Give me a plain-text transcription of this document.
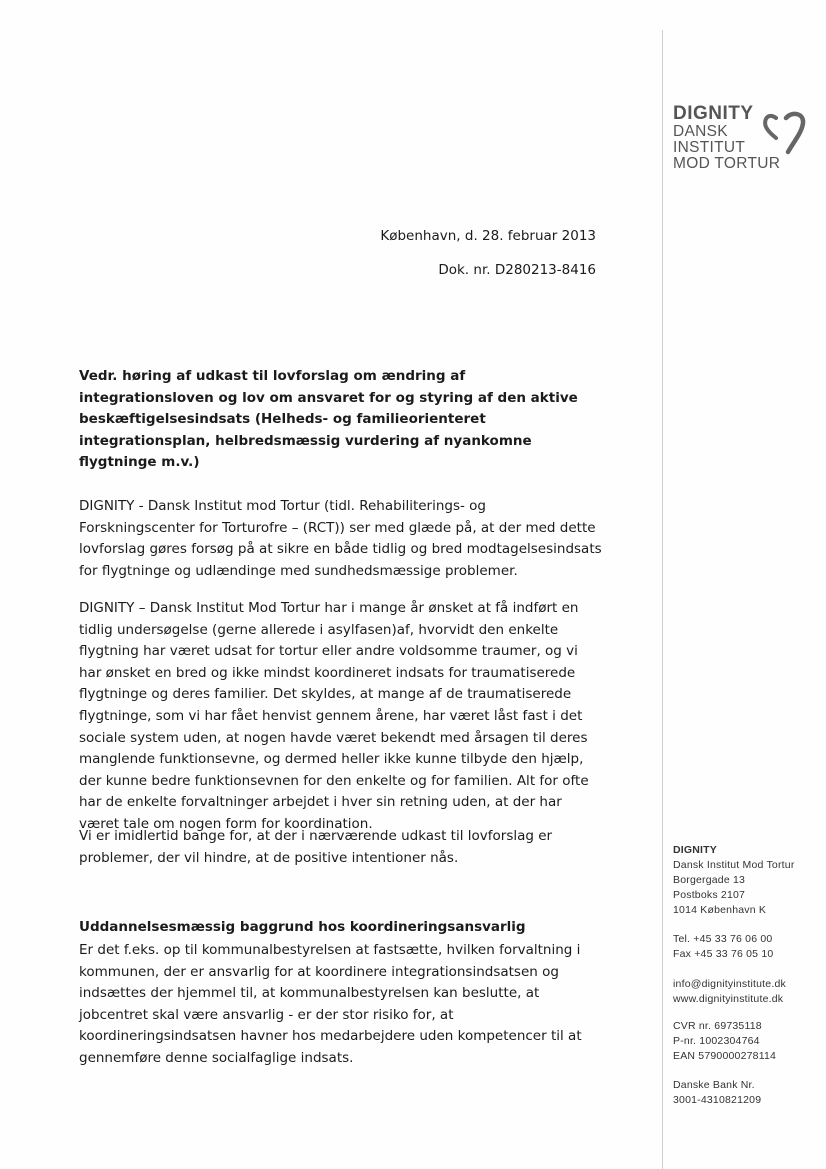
DIGNITY
DANSK
INSTITUT
MOD TORTUR
København, d. 28. februar 2013
Dok. nr. D280213-8416
Vedr. høring af udkast til lovforslag om ændring af integrationsloven og lov om ansvaret for og styring af den aktive beskæftigelsesindsats (Helheds- og familieorienteret integrationsplan, helbredsmæssig vurdering af nyankomne flygtninge m.v.)

DIGNITY - Dansk Institut mod Tortur (tidl. Rehabiliterings- og Forskningscenter for Torturofre – (RCT)) ser med glæde på, at der med dette lovforslag gøres forsøg på at sikre en både tidlig og bred modtagelsesindsats for flygtninge og udlændinge med sundhedsmæssige problemer.

DIGNITY – Dansk Institut Mod Tortur har i mange år ønsket at få indført en tidlig undersøgelse (gerne allerede i asylfasen)af, hvorvidt den enkelte flygtning har været udsat for tortur eller andre voldsomme traumer, og vi har ønsket en bred og ikke mindst koordineret indsats for traumatiserede flygtninge og deres familier. Det skyldes, at mange af de traumatiserede flygtninge, som vi har fået henvist gennem årene, har været låst fast i det sociale system uden, at nogen havde været bekendt med årsagen til deres manglende funktionsevne, og dermed heller ikke kunne tilbyde den hjælp, der kunne bedre funktionsevnen for den enkelte og for familien. Alt for ofte har de enkelte forvaltninger arbejdet i hver sin retning uden, at der har været tale om nogen form for koordination.

Vi er imidlertid bange for, at der i nærværende udkast til lovforslag er problemer, der vil hindre, at de positive intentioner nås.

Uddannelsesmæssig baggrund hos koordineringsansvarlig

Er det f.eks. op til kommunalbestyrelsen at fastsætte, hvilken forvaltning i kommunen, der er ansvarlig for at koordinere integrationsindsatsen og indsættes der hjemmel til, at kommunalbestyrelsen kan beslutte, at jobcentret skal være ansvarlig - er der stor risiko for, at koordineringsindsatsen havner hos medarbejdere uden kompetencer til at gennemføre denne socialfaglige indsats.

DIGNITY
Dansk Institut Mod Tortur
Borgergade 13
Postboks 2107
1014 København K
Tel. +45 33 76 06 00
Fax +45 33 76 05 10
info@dignityinstitute.dk
www.dignityinstitute.dk
CVR nr. 69735118
P-nr. 1002304764
EAN 5790000278114
Danske Bank Nr.
3001-4310821209
